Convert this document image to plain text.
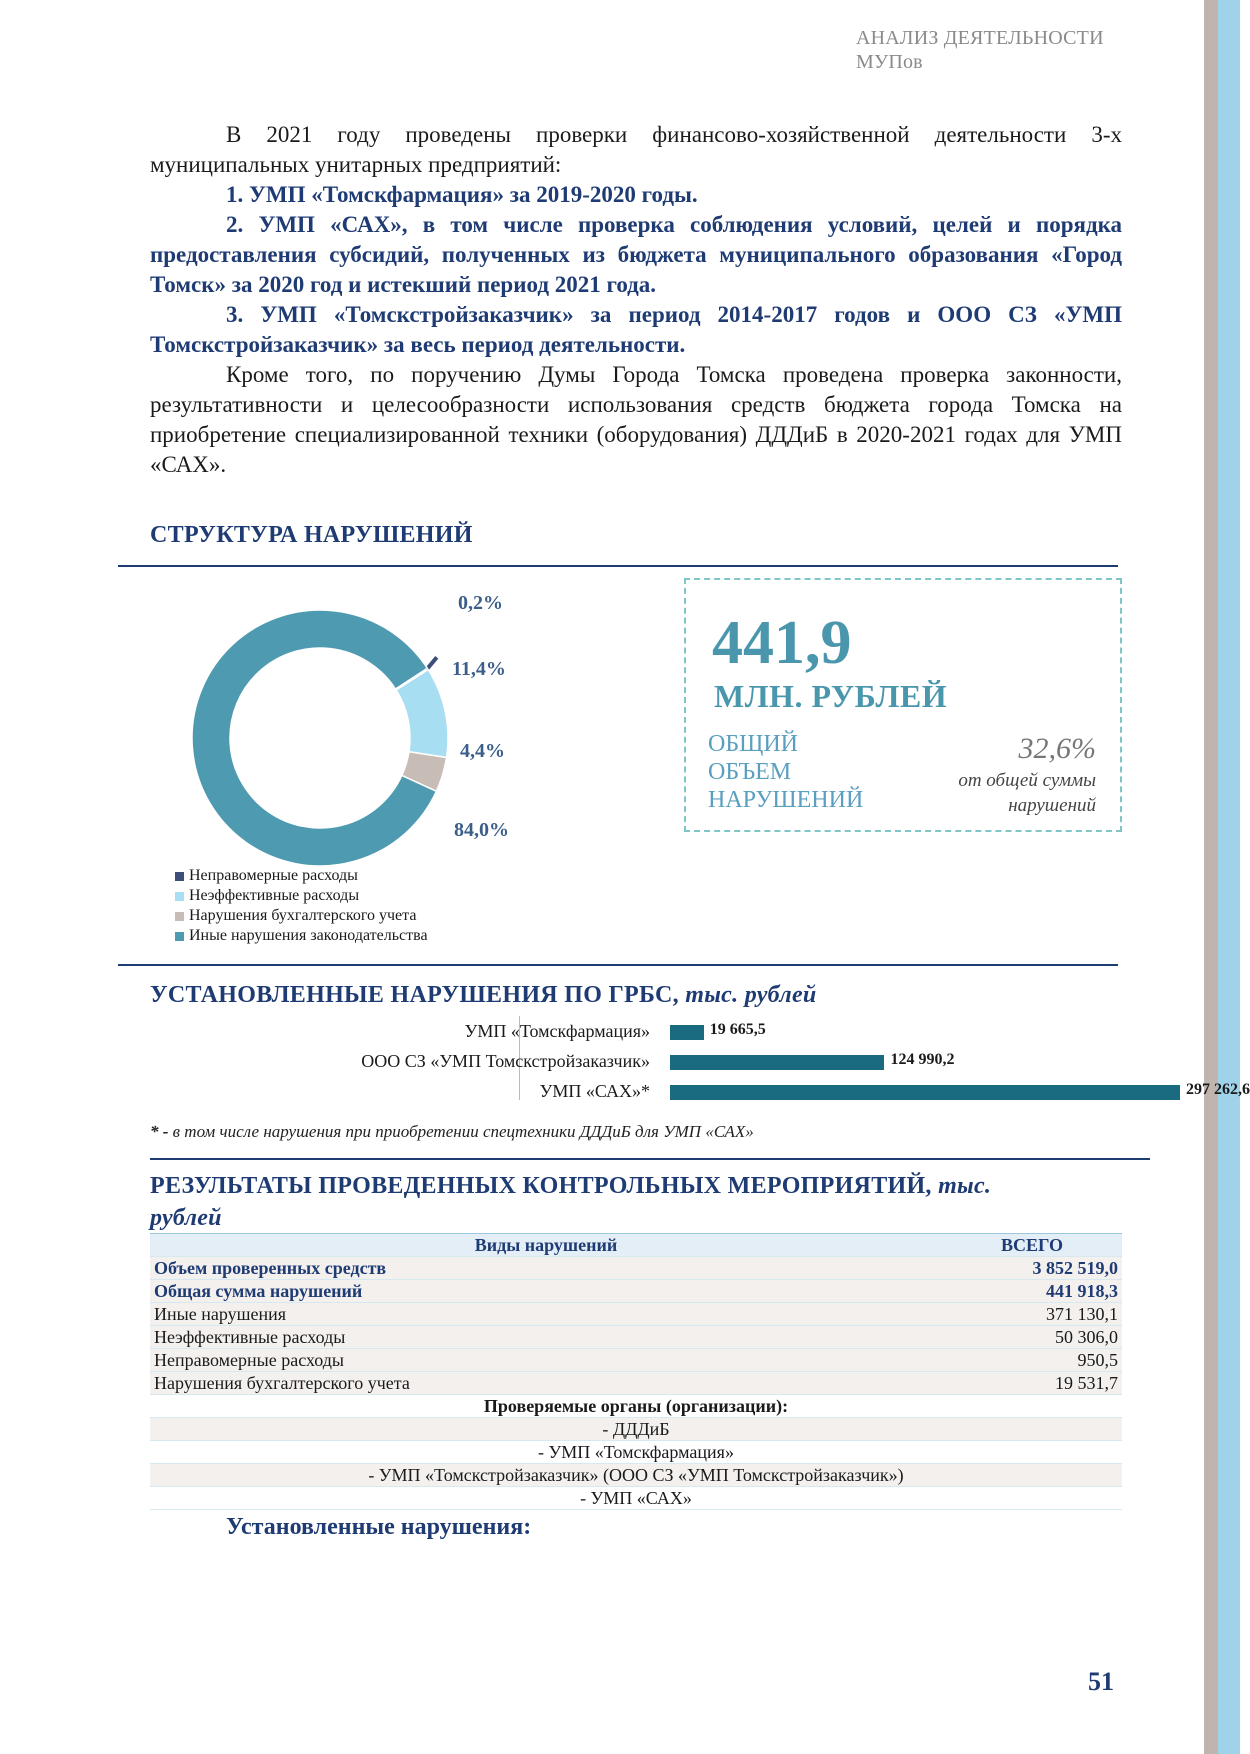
АНАЛИЗ ДЕЯТЕЛЬНОСТИ
МУПов

В 2021 году проведены проверки финансово-хозяйственной деятельности 3-х муниципальных унитарных предприятий:

1. УМП «Томскфармация» за 2019-2020 годы.

2. УМП «САХ», в том числе проверка соблюдения условий, целей и порядка предоставления субсидий, полученных из бюджета муниципального образования «Город Томск» за 2020 год и истекший период 2021 года.

3. УМП «Томскстройзаказчик» за период 2014-2017 годов и ООО СЗ «УМП Томскстройзаказчик» за весь период деятельности.

Кроме того, по поручению Думы Города Томска проведена проверка законности, результативности и целесообразности использования средств бюджета города Томска на приобретение специализированной техники (оборудования) ДДДиБ в 2020-2021 годах для УМП «САХ».

СТРУКТУРА НАРУШЕНИЙ
0,2%
11,4%
4,4%
84,0%
Неправомерные расходы
Неэффективные расходы
Нарушения бухгалтерского учета
Иные нарушения законодательства
441,9
МЛН. РУБЛЕЙ
ОБЩИЙ
ОБЪЕМ
НАРУШЕНИЙ
32,6%
от общей суммы нарушений
УСТАНОВЛЕННЫЕ НАРУШЕНИЯ ПО ГРБС, тыс. рублей
УМП «Томскфармация»	19 665,5
ООО СЗ «УМП Томскстройзаказчик»	124 990,2
УМП «САХ»*	297 262,6
* - в том числе нарушения при приобретении спецтехники ДДДиБ для УМП «САХ»
РЕЗУЛЬТАТЫ ПРОВЕДЕННЫХ КОНТРОЛЬНЫХ МЕРОПРИЯТИЙ, тыс.
рублей
Виды нарушений	ВСЕГО
Объем проверенных средств	3 852 519,0
Общая сумма нарушений	441 918,3
Иные нарушения	371 130,1
Неэффективные расходы	50 306,0
Неправомерные расходы	950,5
Нарушения бухгалтерского учета	19 531,7
Проверяемые органы (организации):	
- ДДДиБ	
- УМП «Томскфармация»	
- УМП «Томскстройзаказчик» (ООО СЗ «УМП Томскстройзаказчик»)	
- УМП «САХ»	
Установленные нарушения:
51
